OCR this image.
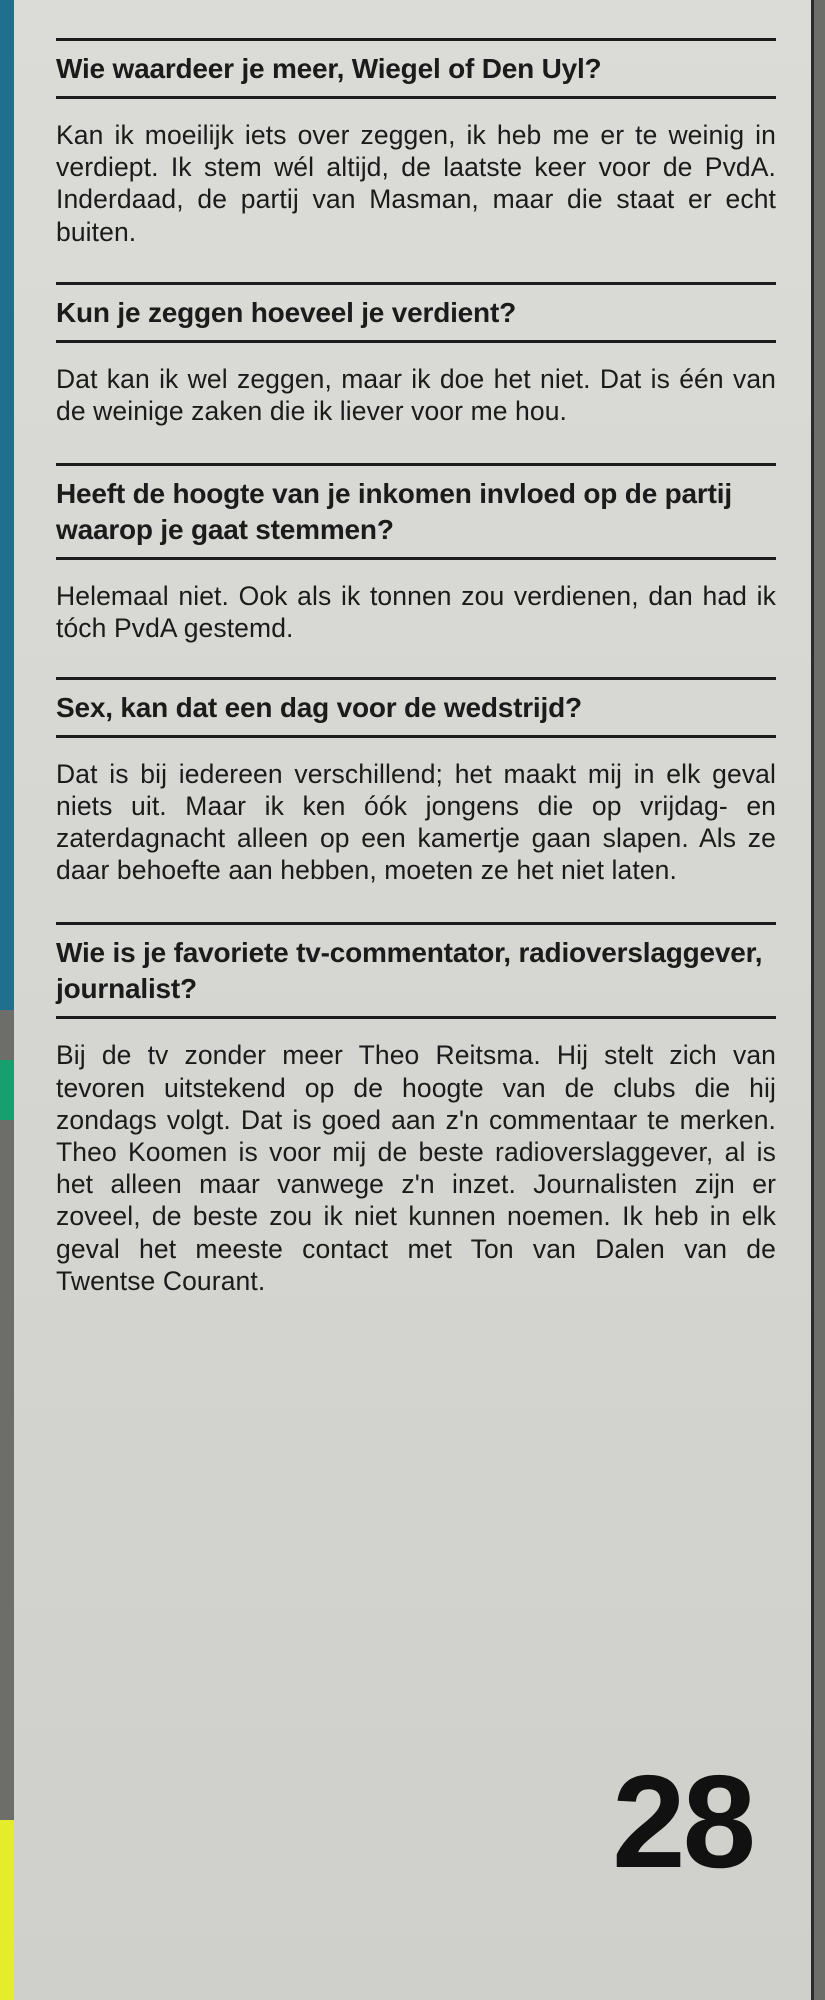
Wie waardeer je meer, Wiegel of Den Uyl?

Kan ik moeilijk iets over zeggen, ik heb me er te weinig in verdiept. Ik stem wél altijd, de laatste keer voor de PvdA. Inderdaad, de partij van Masman, maar die staat er echt buiten.

Kun je zeggen hoeveel je verdient?

Dat kan ik wel zeggen, maar ik doe het niet. Dat is één van de weinige zaken die ik liever voor me hou.

Heeft de hoogte van je inkomen invloed op de partij waarop je gaat stemmen?

Helemaal niet. Ook als ik tonnen zou verdienen, dan had ik tóch PvdA gestemd.

Sex, kan dat een dag voor de wedstrijd?

Dat is bij iedereen verschillend; het maakt mij in elk geval niets uit. Maar ik ken óók jongens die op vrijdag- en zaterdagnacht alleen op een kamertje gaan slapen. Als ze daar behoefte aan hebben, moeten ze het niet laten.

Wie is je favoriete tv-commentator, radioverslaggever, journalist?

Bij de tv zonder meer Theo Reitsma. Hij stelt zich van tevoren uitstekend op de hoogte van de clubs die hij zondags volgt. Dat is goed aan z'n commentaar te merken. Theo Koomen is voor mij de beste radioverslaggever, al is het alleen maar vanwege z'n inzet. Journalisten zijn er zoveel, de beste zou ik niet kunnen noemen. Ik heb in elk geval het meeste contact met Ton van Dalen van de Twentse Courant.

28
